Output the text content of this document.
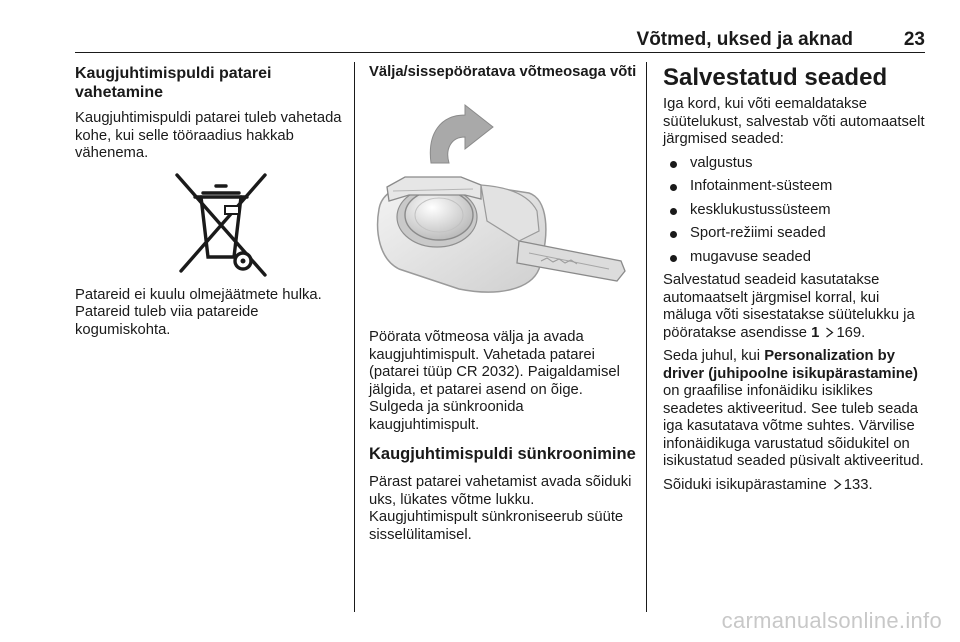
Võtmed, uksed ja aknad	23
Kaugjuhtimispuldi patarei vahetamine

Kaugjuhtimispuldi patarei tuleb vahetada kohe, kui selle tööraadius hakkab vähenema.

Patareid ei kuulu olmejäätmete hulka. Patareid tuleb viia patareide kogumiskohta.

Välja/sissepööratava võtmeosaga võti

Pöörata võtmeosa välja ja avada kaugjuhtimispult. Vahetada patarei (patarei tüüp CR 2032). Paigaldamisel jälgida, et patarei asend on õige. Sulgeda ja sünkroonida kaugjuhtimispult.

Kaugjuhtimispuldi sünkroonimine

Pärast patarei vahetamist avada sõiduki uks, lükates võtme lukku. Kaugjuhtimispult sünkroniseerub süüte sisselülitamisel.

Salvestatud seaded

Iga kord, kui võti eemaldatakse süütelukust, salvestab võti automaatselt järgmised seaded:

valgustus
Infotainment-süsteem
kesklukustussüsteem
Sport-režiimi seaded
mugavuse seaded

Salvestatud seadeid kasutatakse automaatselt järgmisel korral, kui mäluga võti sisestatakse süütelukku ja pööratakse asendisse 1 169.

Seda juhul, kui Personalization by driver (juhipoolne isikupärastamine) on graafilise infonäidiku isiklikes seadetes aktiveeritud. See tuleb seada iga kasutatava võtme suhtes. Värvilise infonäidikuga varustatud sõidukitel on isikustatud seaded püsivalt aktiveeritud.

Sõiduki isikupärastamine 133.

carmanualsonline.info
